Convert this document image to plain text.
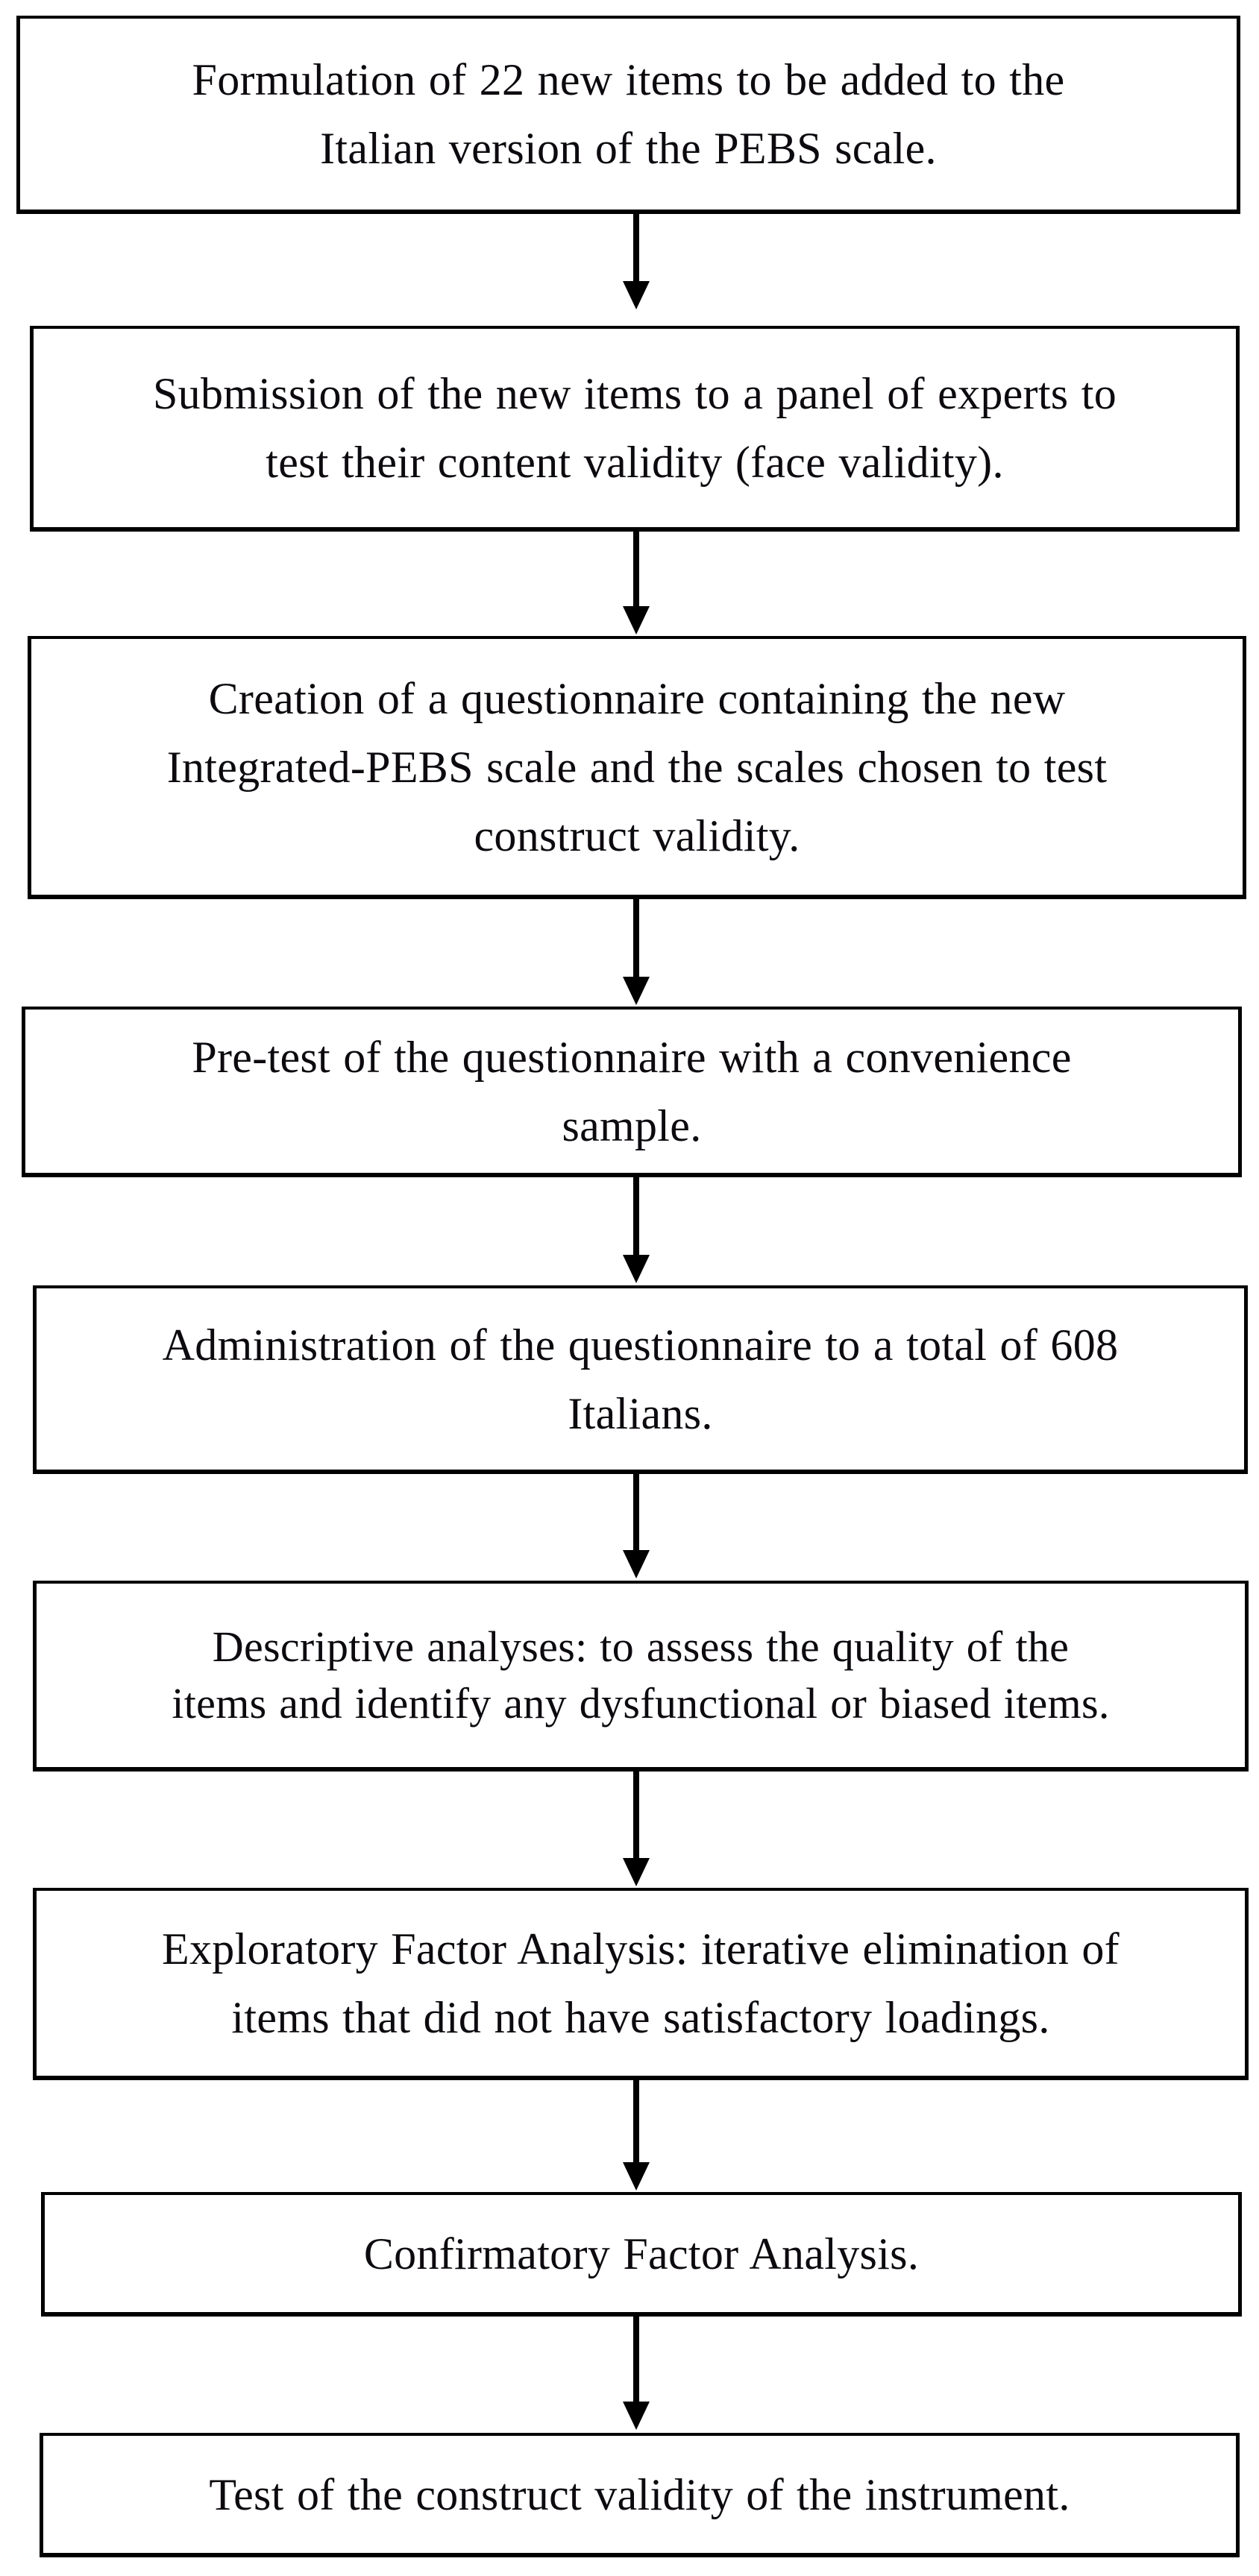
Formulation of 22 new items to be added to the
Italian version of the PEBS scale.
Submission of the new items to a panel of experts to
test their content validity (face validity).
Creation of a questionnaire containing the new
Integrated-PEBS scale and the scales chosen to test
construct validity.
Pre-test of the questionnaire with a convenience
sample.
Administration of the questionnaire to a total of 608
Italians.
Descriptive analyses: to assess the quality of the
items and identify any dysfunctional or biased items.
Exploratory Factor Analysis: iterative elimination of
items that did not have satisfactory loadings.
Confirmatory Factor Analysis.
Test of the construct validity of the instrument.
